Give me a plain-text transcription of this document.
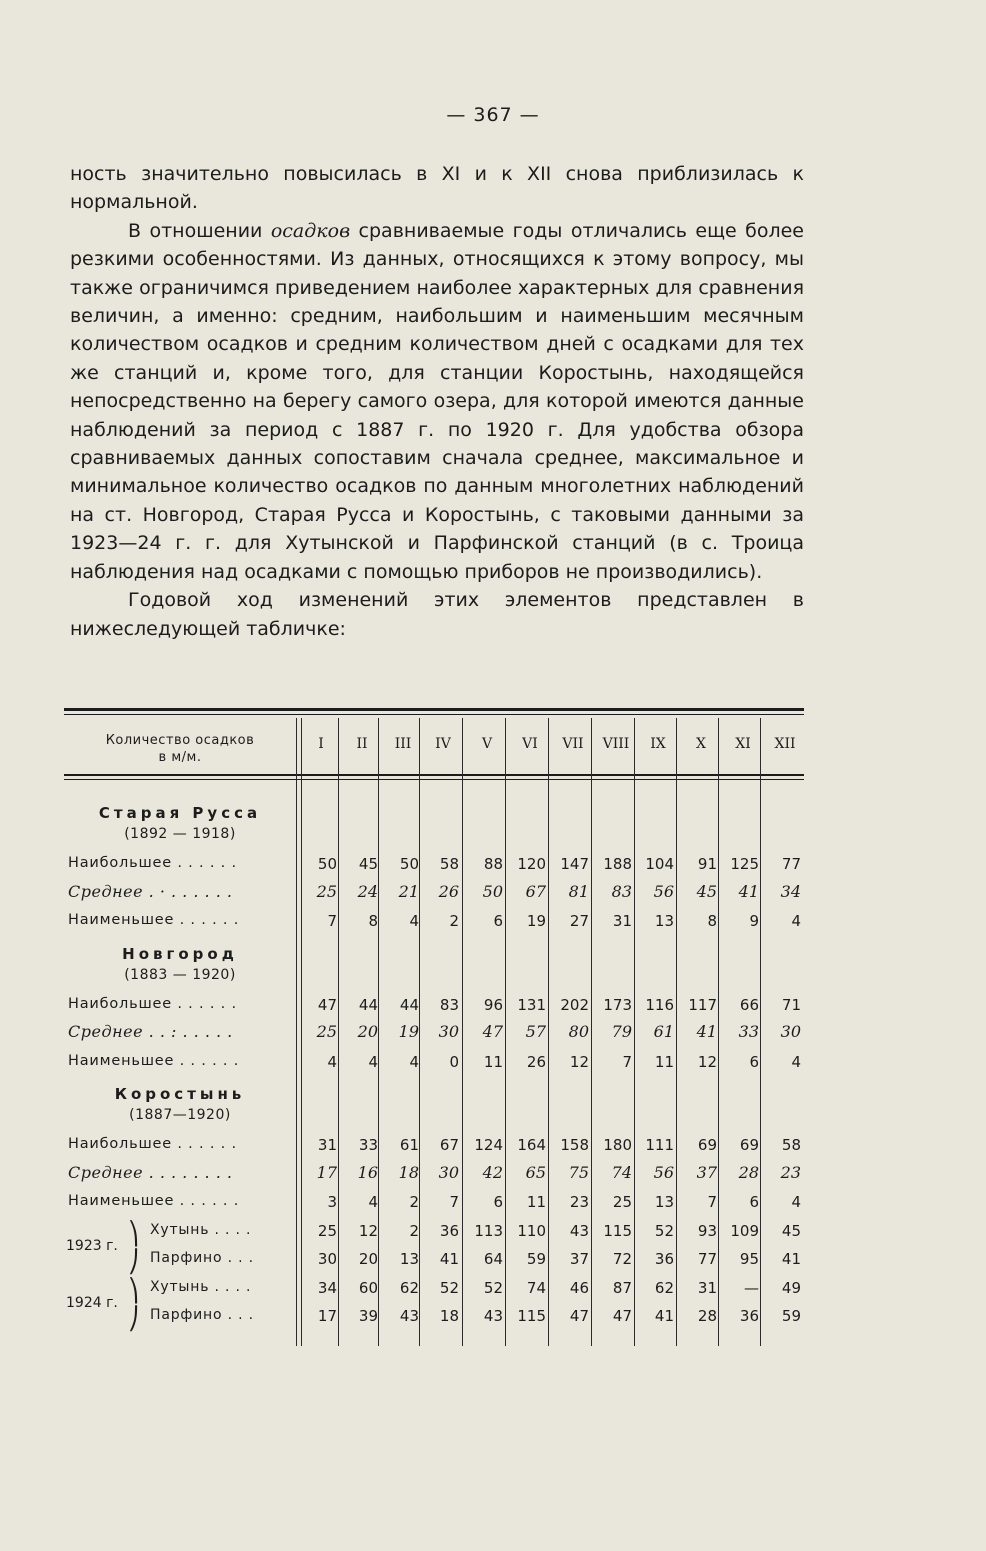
— 367 —

ность значительно повысилась в XI и к XII снова приблизилась к нормальной.

В отношении осадков сравниваемые годы отличались еще более резкими особенностями. Из данных, относящихся к этому вопросу, мы также ограничимся приведением наиболее характерных для сравнения величин, а именно: средним, наибольшим и наименьшим месячным количеством осадков и средним количеством дней с осадками для тех же станций и, кроме того, для станции Коростынь, находящейся непосредственно на берегу самого озера, для которой имеются данные наблюдений за период с 1887 г. по 1920 г. Для удобства обзора сравниваемых данных сопоставим сначала среднее, максимальное и минимальное количество осадков по данным многолетних наблюдений на ст. Новгород, Старая Русса и Коростынь, с таковыми данными за 1923—24 г. г. для Хутынской и Парфинской станций (в с. Троица наблюдения над осадками с помощью приборов не производились).

Годовой ход изменений этих элементов представлен в нижеследующей табличке:

Количество осадков
в м/м.
I	II	III	IV	V	VI	VII	VIII	IX	X	XI	XII
Старая Русса
(1892 — 1918)
Наибольшее . . . . . .	50	45	50	58	88 120 147 188 104	91 125	77
Среднее . · . . . . . .	25	24	21	26	50	67	81	83	56	45	41	34
Наименьшее . . . . . .	7	8	4	2	6	19	27	31	13	8	9	4
Новгород
(1883 — 1920)
Наибольшее . . . . . .	47	44	44	83	96 131 202 173 116 117	66	71
Среднее . . : . . . . .	25	20	19	30	47	57	80	79	61	41	33	30
Наименьшее . . . . . .	4	4	4	0	11	26	12	7	11	12	6	4
Коростынь
(1887—1920)
Наибольшее . . . . . .	31	33	61	67	124 164 158 180 111	69	69	58
Среднее . . . . . . . .	17	16	18	30	42	65	75	74	56	37	28	23
Наименьшее . . . . . .	3	4	2	7	6	11	23	25	13	7	6	4
1923 г. ⎞
⎠
Хутынь . . . .	25	12	2	36	113 110	43 115	52	93 109	45
Парфино . . .	30	20	13	41	64	59	37	72	36	77	95	41
1924 г. ⎞
⎠
Хутынь . . . .	34	60	62	52	52	74	46	87	62	31	—	49
Парфино . . .	17	39	43	18	43 115	47	47	41	28	36	59
